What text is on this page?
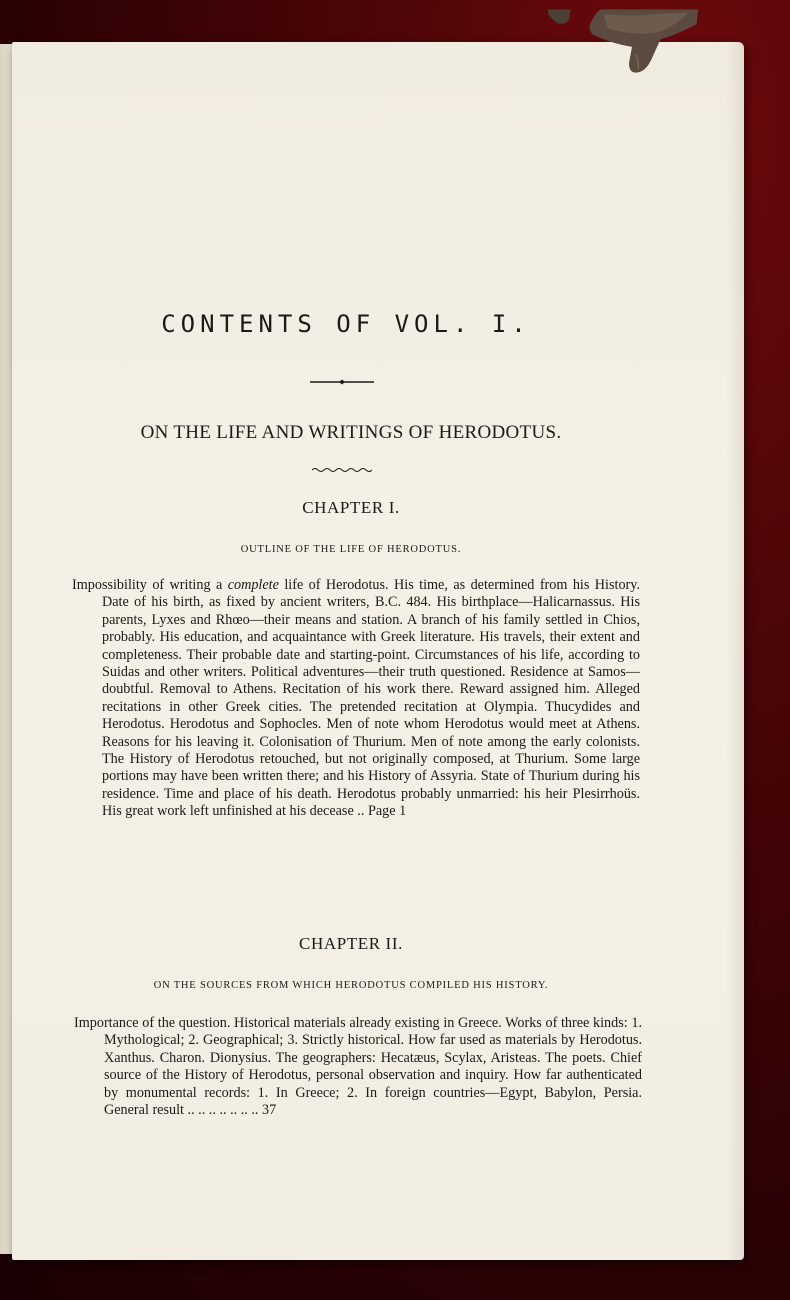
CONTENTS OF VOL. I.
ON THE LIFE AND WRITINGS OF HERODOTUS.
CHAPTER I.
OUTLINE OF THE LIFE OF HERODOTUS.
Impossibility of writing a complete life of Herodotus. His time, as determined from his History. Date of his birth, as fixed by ancient writers, B.C. 484. His birthplace—Halicarnassus. His parents, Lyxes and Rhœo—their means and station. A branch of his family settled in Chios, probably. His education, and acquaintance with Greek literature. His travels, their extent and completeness. Their probable date and starting-point. Circumstances of his life, according to Suidas and other writers. Political adventures—their truth questioned. Residence at Samos—doubtful. Removal to Athens. Recitation of his work there. Reward assigned him. Alleged recitations in other Greek cities. The pretended recitation at Olympia. Thucydides and Herodotus. Herodotus and Sophocles. Men of note whom Herodotus would meet at Athens. Reasons for his leaving it. Colonisation of Thurium. Men of note among the early colonists. The History of Herodotus retouched, but not originally composed, at Thurium. Some large portions may have been written there; and his History of Assyria. State of Thurium during his residence. Time and place of his death. Herodotus probably unmarried: his heir Plesirrhoüs. His great work left unfinished at his decease .. Page 1
CHAPTER II.
ON THE SOURCES FROM WHICH HERODOTUS COMPILED HIS HISTORY.
Importance of the question. Historical materials already existing in Greece. Works of three kinds: 1. Mythological; 2. Geographical; 3. Strictly historical. How far used as materials by Herodotus. Xanthus. Charon. Dionysius. The geographers: Hecatæus, Scylax, Aristeas. The poets. Chief source of the History of Herodotus, personal observation and inquiry. How far authenticated by monumental records: 1. In Greece; 2. In foreign countries—Egypt, Babylon, Persia. General result .. .. .. .. .. .. .. 37
